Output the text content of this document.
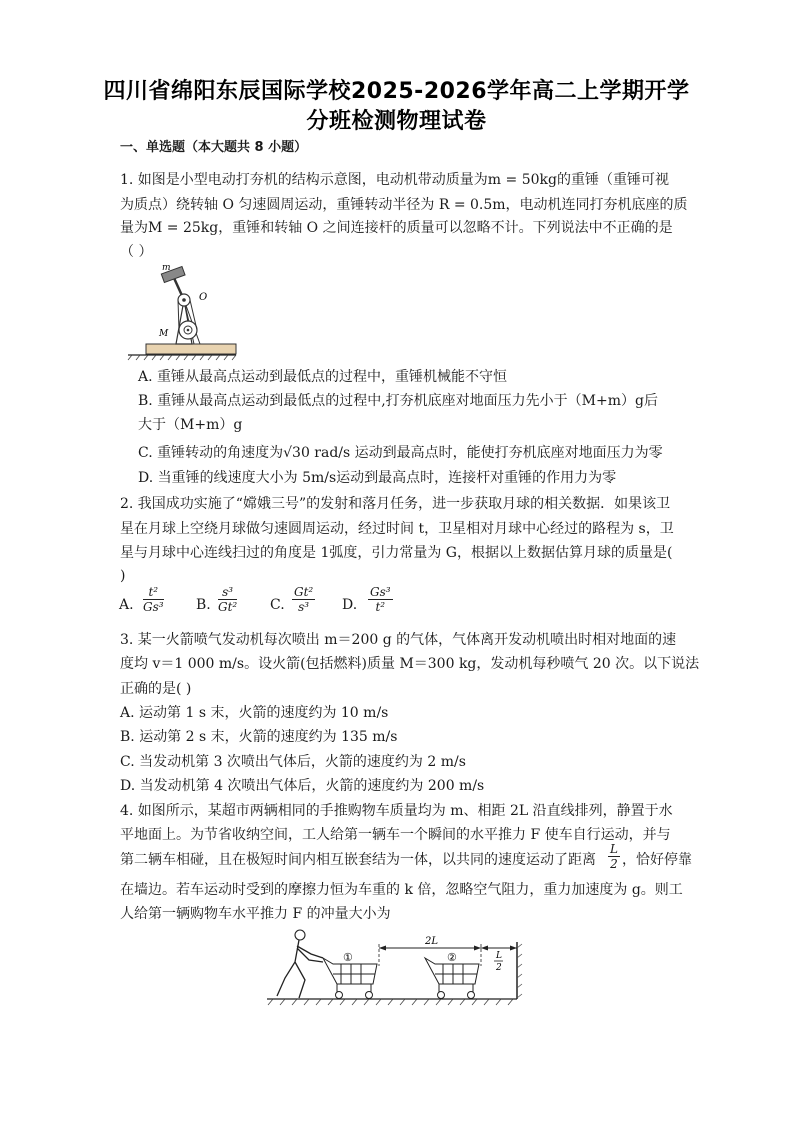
四川省绵阳东辰国际学校2025-2026学年高二上学期开学
分班检测物理试卷
一、单选题（本大题共 8 小题）
1. 如图是小型电动打夯机的结构示意图，电动机带动质量为m = 50kg的重锤（重锤可视
为质点）绕转轴 O 匀速圆周运动，重锤转动半径为 R = 0.5m，电动机连同打夯机底座的质
量为M = 25kg，重锤和转轴 O 之间连接杆的质量可以忽略不计。下列说法中不正确的是
（ ）
m
O
M
A. 重锤从最高点运动到最低点的过程中，重锤机械能不守恒
B. 重锤从最高点运动到最低点的过程中,打夯机底座对地面压力先小于（M+m）g后
大于（M+m）g
C. 重锤转动的角速度为√30 rad/s 运动到最高点时，能使打夯机底座对地面压力为零
D. 当重锤的线速度大小为 5m/s运动到最高点时，连接杆对重锤的作用力为零
2. 我国成功实施了“嫦娥三号”的发射和落月任务，进一步获取月球的相关数据．如果该卫
星在月球上空绕月球做匀速圆周运动，经过时间 t，卫星相对月球中心经过的路程为 s，卫
星与月球中心连线扫过的角度是 1弧度，引力常量为 G，根据以上数据估算月球的质量是(
)
A. $\frac{\text{t²}}{\text{Gs³}} B$. $\frac{\text{s³}}{\text{Gt²}} C$. $\frac{\text{Gt²}}{\text{s³}} D$. $\frac{\text{Gs³}}{\text{t²}}$
3. 某一火箭喷气发动机每次喷出 m＝200 g 的气体，气体离开发动机喷出时相对地面的速
度均 v＝1 000 m/s。设火箭(包括燃料)质量 M＝300 kg，发动机每秒喷气 20 次。以下说法
正确的是( )
A. 运动第 1 s 末，火箭的速度约为 10 m/s
B. 运动第 2 s 末，火箭的速度约为 135 m/s
C. 当发动机第 3 次喷出气体后，火箭的速度约为 2 m/s
D. 当发动机第 4 次喷出气体后，火箭的速度约为 200 m/s
4. 如图所示，某超市两辆相同的手推购物车质量均为 m、相距 2L 沿直线排列，静置于水
平地面上。为节省收纳空间，工人给第一辆车一个瞬间的水平推力 F 使车自行运动，并与
第二辆车相碰，且在极短时间内相互嵌套结为一体，以共同的速度运动了距离 $\frac{L}{2}$ ，恰好停靠
在墙边。若车运动时受到的摩擦力恒为车重的 k 倍，忽略空气阻力，重力加速度为 g。则工
人给第一辆购物车水平推力 F 的冲量大小为
①	②
2L
L
2
